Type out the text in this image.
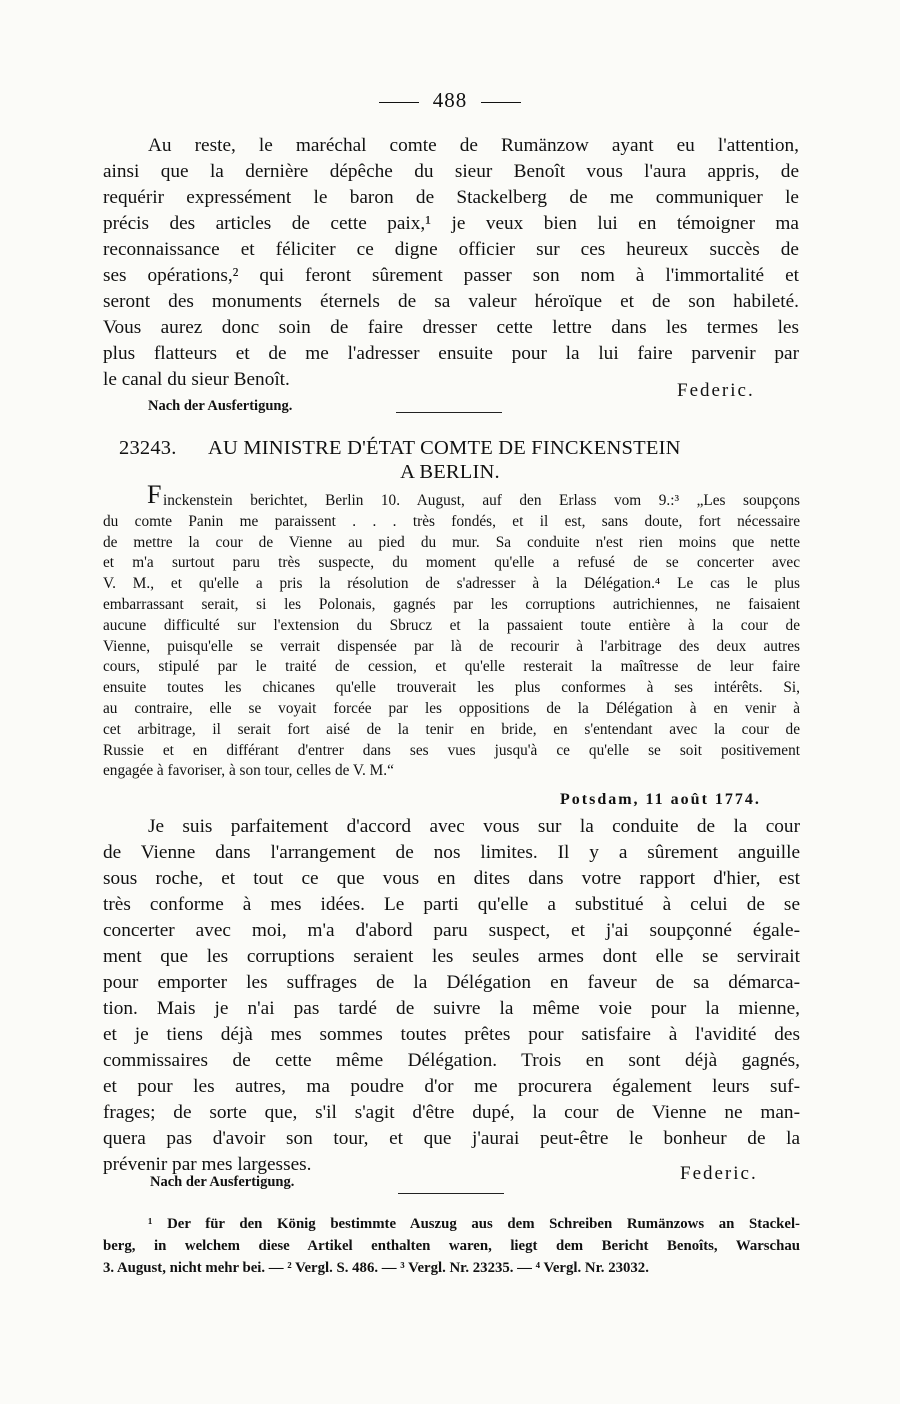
488
Au reste, le maréchal comte de Rumänzow ayant eu l'attention,
ainsi que la dernière dépêche du sieur Benoît vous l'aura appris, de
requérir expressément le baron de Stackelberg de me communiquer le
précis des articles de cette paix,¹ je veux bien lui en témoigner ma
reconnaissance et féliciter ce digne officier sur ces heureux succès de
ses opérations,² qui feront sûrement passer son nom à l'immortalité et
seront des monuments éternels de sa valeur héroïque et de son habileté.
Vous aurez donc soin de faire dresser cette lettre dans les termes les
plus flatteurs et de me l'adresser ensuite pour la lui faire parvenir par
le canal du sieur Benoît.
Federic.
Nach der Ausfertigung.
23243. AU MINISTRE D'ÉTAT COMTE DE FINCKENSTEIN
A BERLIN.
F inckenstein berichtet, Berlin 10. August, auf den Erlass vom 9.:³ „Les soupçons
du comte Panin me paraissent . . . très fondés, et il est, sans doute, fort nécessaire
de mettre la cour de Vienne au pied du mur. Sa conduite n'est rien moins que nette
et m'a surtout paru très suspecte, du moment qu'elle a refusé de se concerter avec
V. M., et qu'elle a pris la résolution de s'adresser à la Délégation.⁴ Le cas le plus
embarrassant serait, si les Polonais, gagnés par les corruptions autrichiennes, ne faisaient
aucune difficulté sur l'extension du Sbrucz et la passaient toute entière à la cour de
Vienne, puisqu'elle se verrait dispensée par là de recourir à l'arbitrage des deux autres
cours, stipulé par le traité de cession, et qu'elle resterait la maîtresse de leur faire
ensuite toutes les chicanes qu'elle trouverait les plus conformes à ses intérêts. Si,
au contraire, elle se voyait forcée par les oppositions de la Délégation à en venir à
cet arbitrage, il serait fort aisé de la tenir en bride, en s'entendant avec la cour de
Russie et en différant d'entrer dans ses vues jusqu'à ce qu'elle se soit positivement
engagée à favoriser, à son tour, celles de V. M.“
Potsdam, 11 août 1774.
Je suis parfaitement d'accord avec vous sur la conduite de la cour
de Vienne dans l'arrangement de nos limites. Il y a sûrement anguille
sous roche, et tout ce que vous en dites dans votre rapport d'hier, est
très conforme à mes idées. Le parti qu'elle a substitué à celui de se
concerter avec moi, m'a d'abord paru suspect, et j'ai soupçonné égale-
ment que les corruptions seraient les seules armes dont elle se servirait
pour emporter les suffrages de la Délégation en faveur de sa démarca-
tion. Mais je n'ai pas tardé de suivre la même voie pour la mienne,
et je tiens déjà mes sommes toutes prêtes pour satisfaire à l'avidité des
commissaires de cette même Délégation. Trois en sont déjà gagnés,
et pour les autres, ma poudre d'or me procurera également leurs suf-
frages; de sorte que, s'il s'agit d'être dupé, la cour de Vienne ne man-
quera pas d'avoir son tour, et que j'aurai peut-être le bonheur de la
prévenir par mes largesses.	Federic.
Nach der Ausfertigung.
¹ Der für den König bestimmte Auszug aus dem Schreiben Rumänzows an Stackel-
berg, in welchem diese Artikel enthalten waren, liegt dem Bericht Benoîts, Warschau
3. August, nicht mehr bei. — ² Vergl. S. 486. — ³ Vergl. Nr. 23235. — ⁴ Vergl. Nr. 23032.
